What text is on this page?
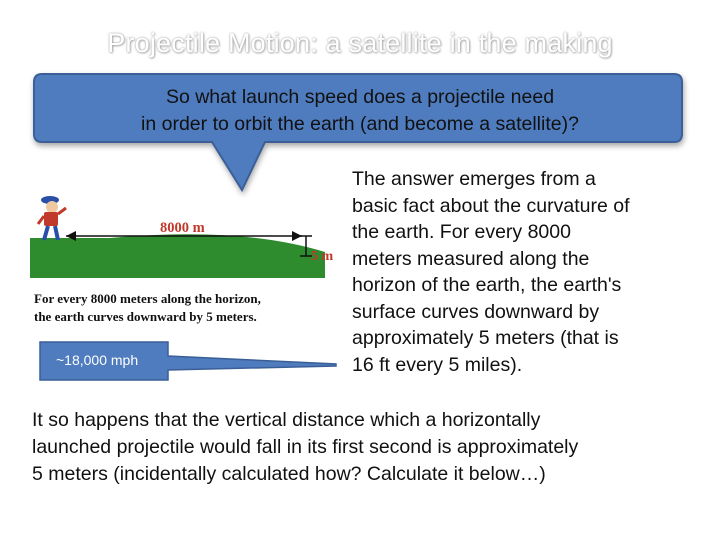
Projectile Motion: a satellite in the making
So what launch speed does a projectile need
in order to orbit the earth (and become a satellite)?
8000 m
5 m
For every 8000 meters along the horizon,
the earth curves downward by 5 meters.
~18,000 mph
The answer emerges from a
basic fact about the curvature of
the earth. For every 8000
meters measured along the
horizon of the earth, the earth's
surface curves downward by
approximately 5 meters (that is
16 ft every 5 miles).
It so happens that the vertical distance which a horizontally
launched projectile would fall in its first second is approximately
5 meters (incidentally calculated how? Calculate it below…)
